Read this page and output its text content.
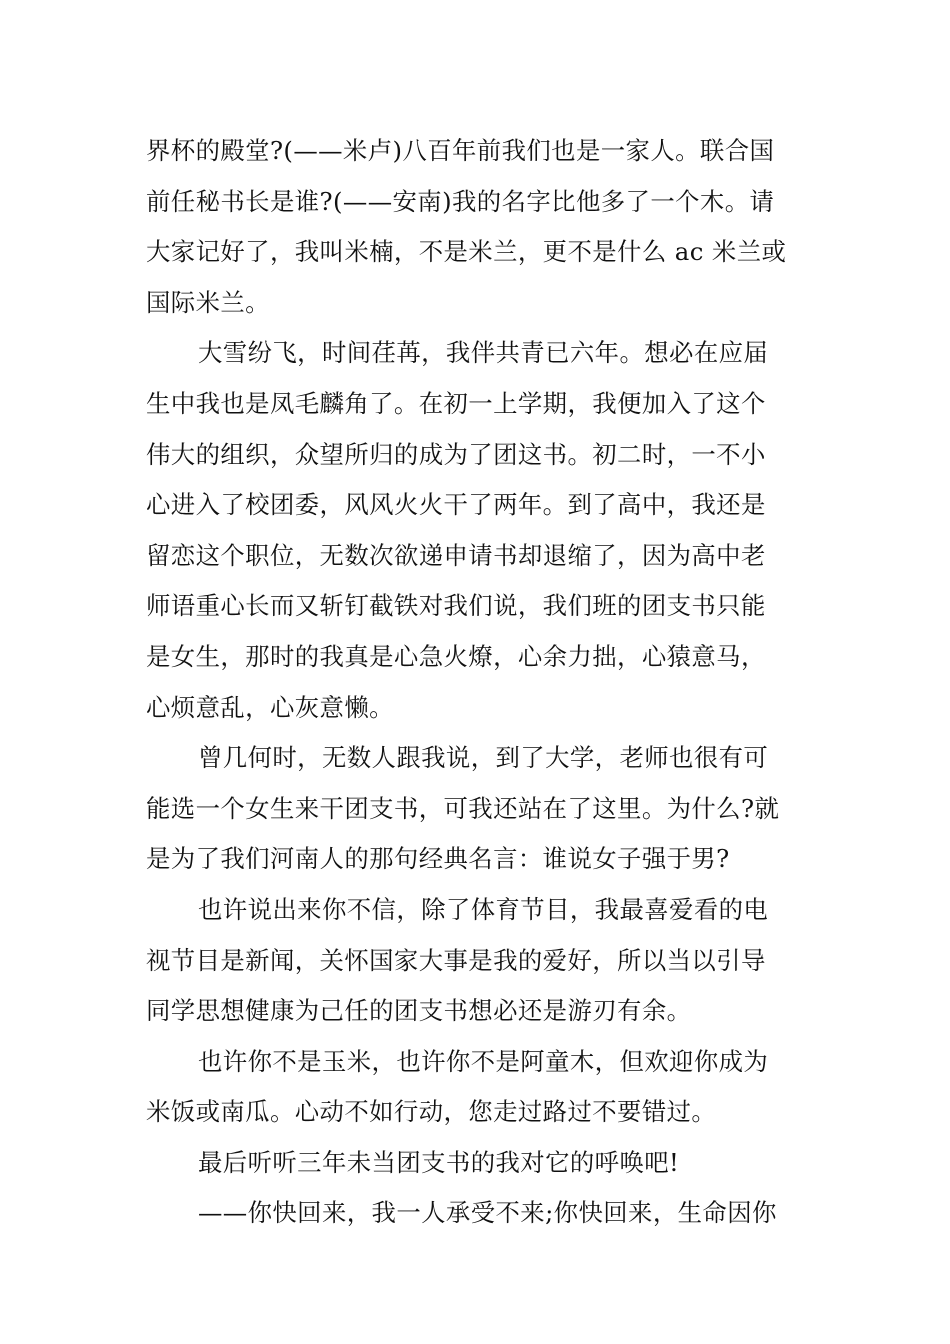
界杯的殿堂?(——米卢)八百年前我们也是一家人。联合国
前任秘书长是谁?(——安南)我的名字比他多了一个木。请
大家记好了，我叫米楠，不是米兰，更不是什么 ac 米兰或
国际米兰。
大雪纷飞，时间荏苒，我伴共青已六年。想必在应届
生中我也是凤毛麟角了。在初一上学期，我便加入了这个
伟大的组织，众望所归的成为了团这书。初二时，一不小
心进入了校团委，风风火火干了两年。到了高中，我还是
留恋这个职位，无数次欲递申请书却退缩了，因为高中老
师语重心长而又斩钉截铁对我们说，我们班的团支书只能
是女生，那时的我真是心急火燎，心余力拙，心猿意马，
心烦意乱，心灰意懒。
曾几何时，无数人跟我说，到了大学，老师也很有可
能选一个女生来干团支书，可我还站在了这里。为什么?就
是为了我们河南人的那句经典名言：谁说女子强于男?
也许说出来你不信，除了体育节目，我最喜爱看的电
视节目是新闻，关怀国家大事是我的爱好，所以当以引导
同学思想健康为己任的团支书想必还是游刃有余。
也许你不是玉米，也许你不是阿童木，但欢迎你成为
米饭或南瓜。心动不如行动，您走过路过不要错过。
最后听听三年未当团支书的我对它的呼唤吧!
——你快回来，我一人承受不来;你快回来，生命因你
